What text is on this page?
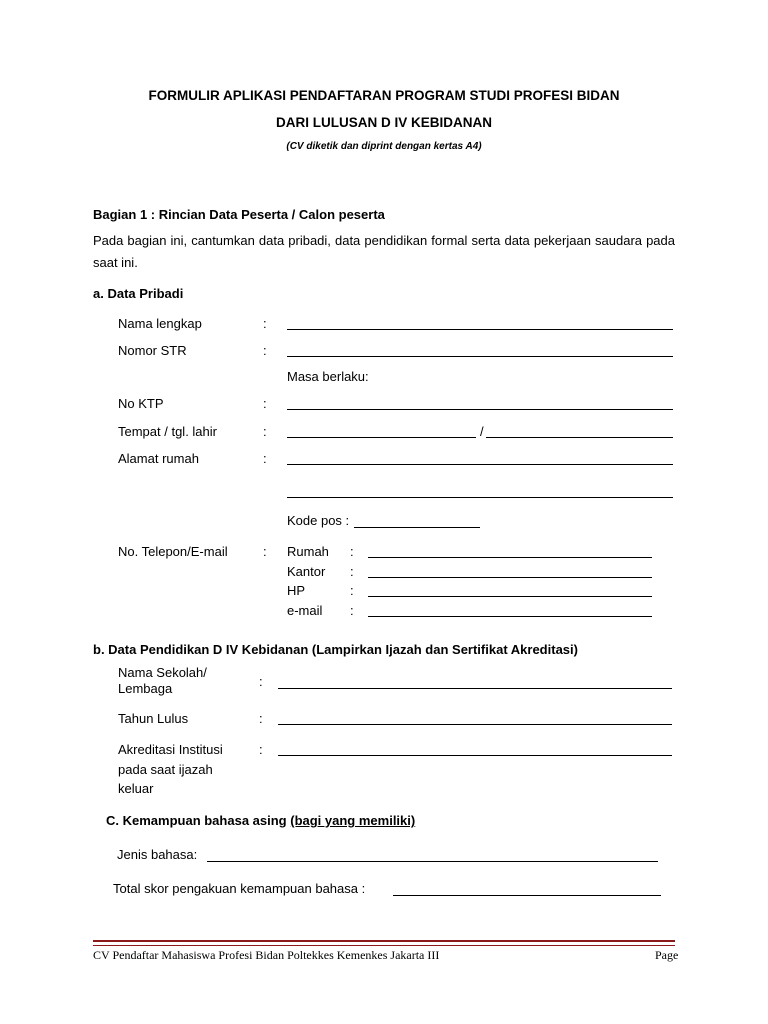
FORMULIR APLIKASI PENDAFTARAN PROGRAM STUDI PROFESI BIDAN
DARI LULUSAN D IV KEBIDANAN
(CV diketik dan diprint dengan kertas A4)
Bagian 1 : Rincian Data Peserta / Calon peserta
Pada bagian ini, cantumkan data pribadi, data pendidikan formal serta data pekerjaan saudara pada saat ini.
a. Data Pribadi
Nama lengkap	:
Nomor STR	:
Masa berlaku:
No KTP	:
Tempat / tgl. lahir	:	/
Alamat rumah	:
Kode pos :
No. Telepon/E-mail	: Rumah :
Kantor :
HP	:
e-mail :
b. Data Pendidikan D IV Kebidanan (Lampirkan Ijazah dan Sertifikat Akreditasi)
Nama Sekolah/
Lembaga	:
Tahun Lulus	:
Akreditasi Institusi
pada saat ijazah
keluar
:
C. Kemampuan bahasa asing (bagi yang memiliki)
Jenis bahasa:
Total skor pengakuan kemampuan bahasa :
CV Pendaftar Mahasiswa Profesi Bidan Poltekkes Kemenkes Jakarta III	Page
